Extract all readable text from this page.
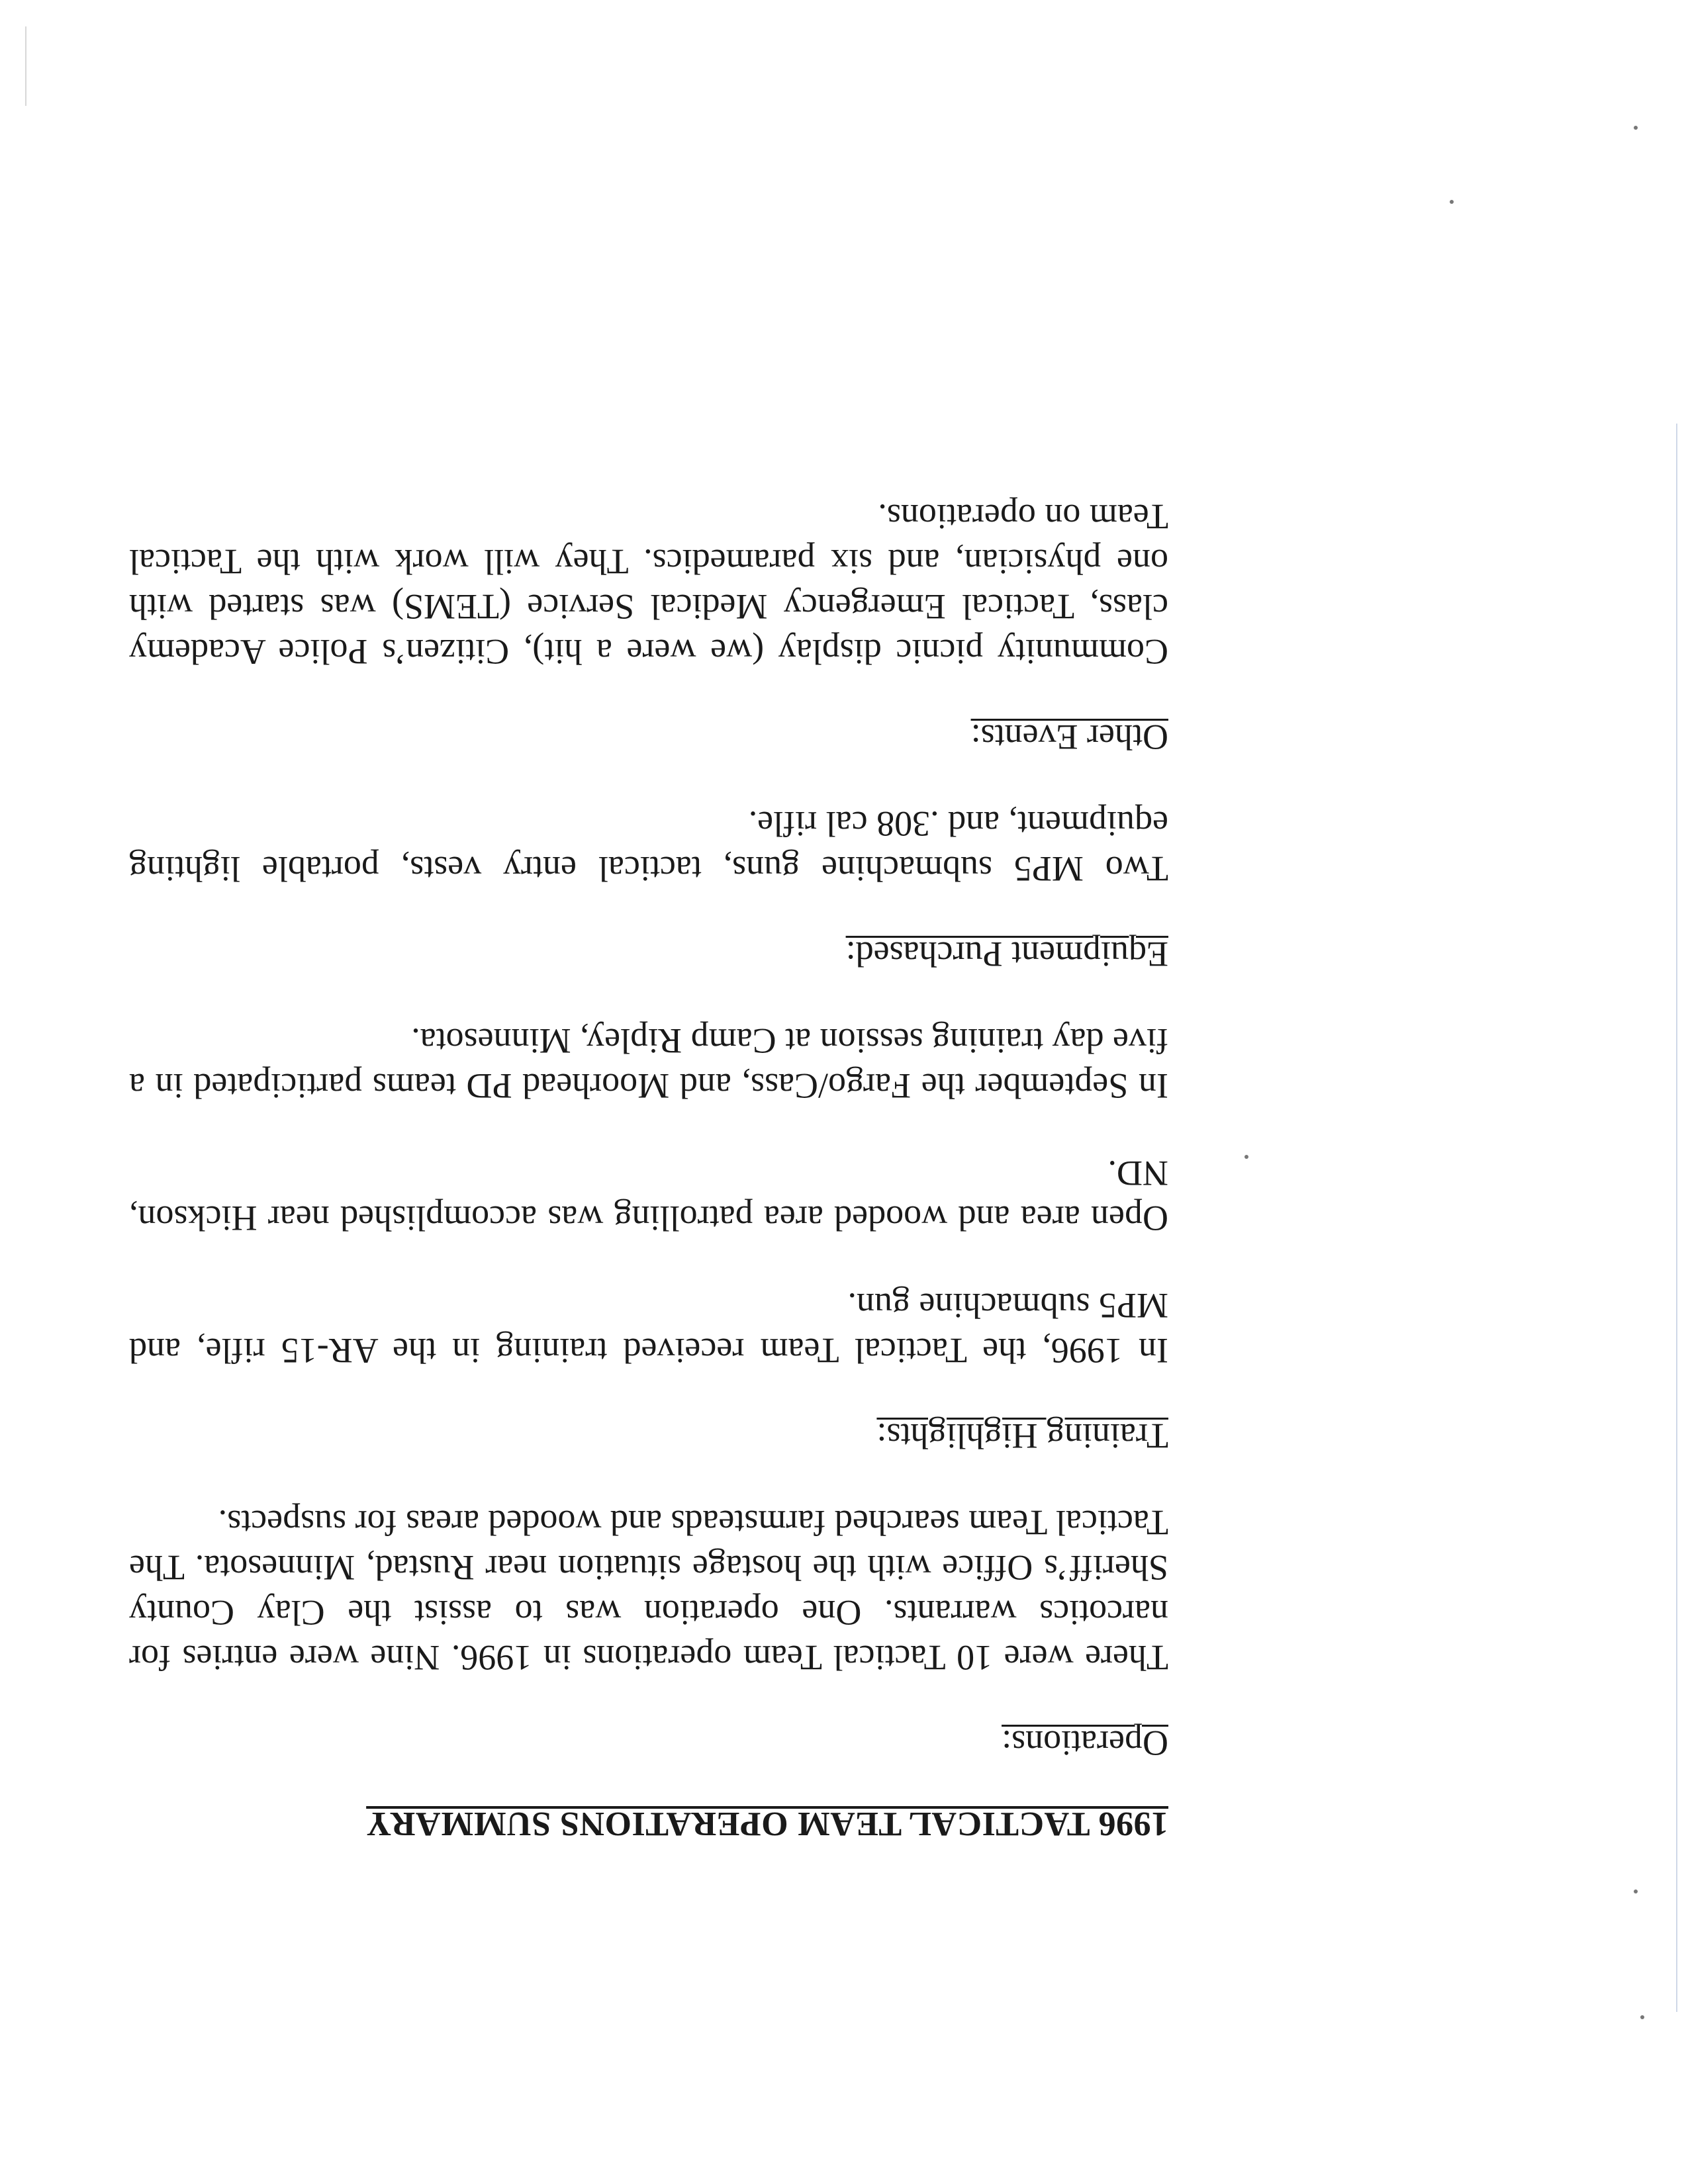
1996 TACTICAL TEAM OPERATIONS SUMMARY
Operations:

There were 10 Tactical Team operations in 1996. Nine were entries for narcotics warrants. One operation was to assist the Clay County Sheriff’s Office with the hostage situation near Rustad, Minnesota. The Tactical Team searched farmsteads and wooded areas for suspects.

Training Highlights:

In 1996, the Tactical Team received training in the AR-15 rifle, and MP5 submachine gun.

Open area and wooded area patrolling was accomplished near Hickson, ND.

In September the Fargo/Cass, and Moorhead PD teams participated in a five day training session at Camp Ripley, Minnesota.

Equipment Purchased:

Two MP5 submachine guns, tactical entry vests, portable lighting equipment, and .308 cal rifle.

Other Events:

Community picnic display (we were a hit), Citizen’s Police Academy class, Tactical Emergency Medical Service (TEMS) was started with one physician, and six paramedics. They will work with the Tactical Team on operations.
